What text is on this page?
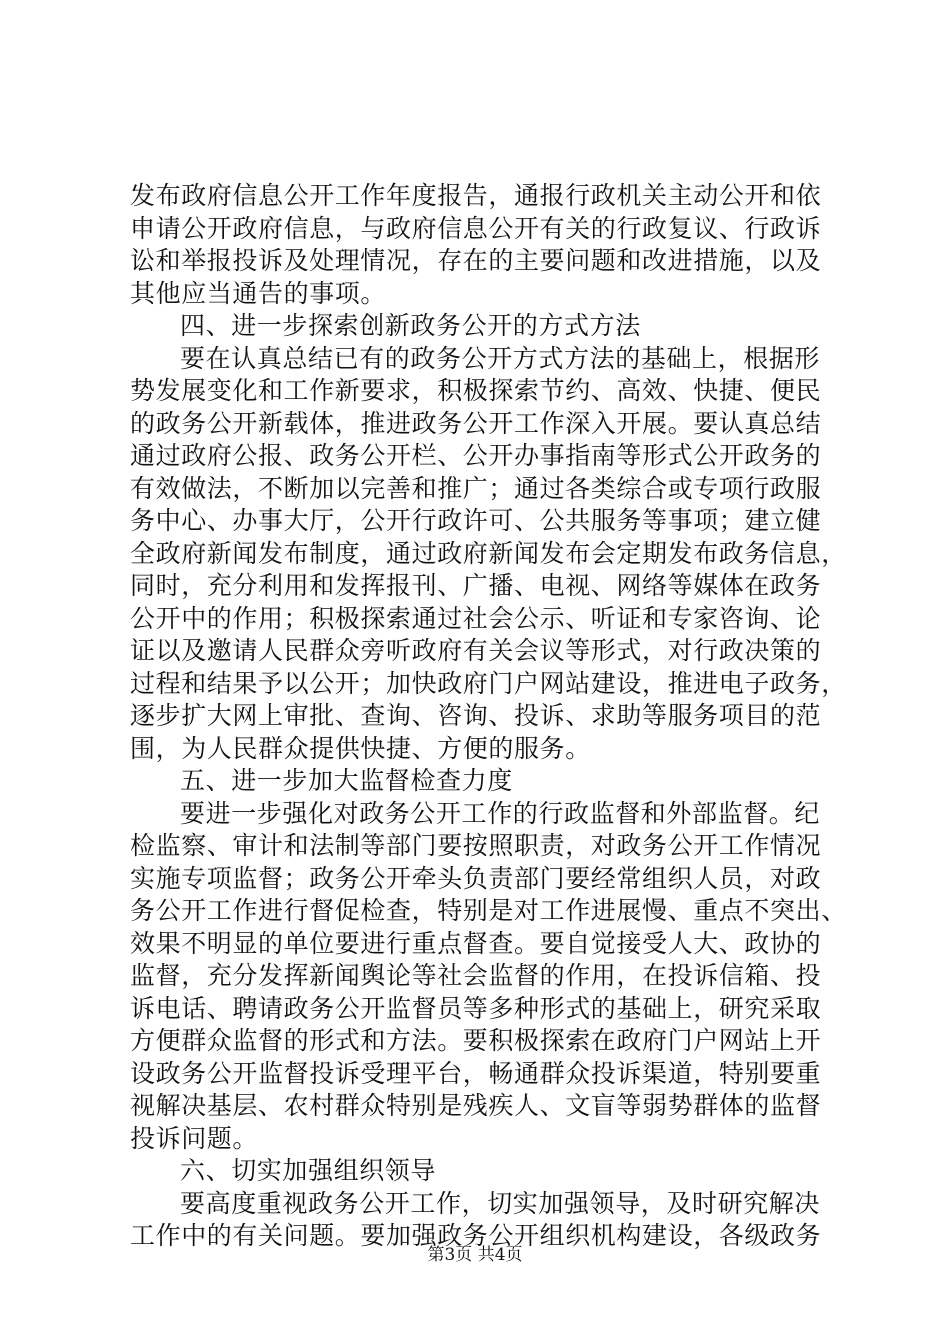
发布政府信息公开工作年度报告，通报行政机关主动公开和依

申请公开政府信息，与政府信息公开有关的行政复议、行政诉

讼和举报投诉及处理情况，存在的主要问题和改进措施，以及

其他应当通告的事项。

四、进一步探索创新政务公开的方式方法

要在认真总结已有的政务公开方式方法的基础上，根据形

势发展变化和工作新要求，积极探索节约、高效、快捷、便民

的政务公开新载体，推进政务公开工作深入开展。要认真总结

通过政府公报、政务公开栏、公开办事指南等形式公开政务的

有效做法，不断加以完善和推广；通过各类综合或专项行政服

务中心、办事大厅，公开行政许可、公共服务等事项；建立健

全政府新闻发布制度，通过政府新闻发布会定期发布政务信息，

同时，充分利用和发挥报刊、广播、电视、网络等媒体在政务

公开中的作用；积极探索通过社会公示、听证和专家咨询、论

证以及邀请人民群众旁听政府有关会议等形式，对行政决策的

过程和结果予以公开；加快政府门户网站建设，推进电子政务，

逐步扩大网上审批、查询、咨询、投诉、求助等服务项目的范

围，为人民群众提供快捷、方便的服务。

五、进一步加大监督检查力度

要进一步强化对政务公开工作的行政监督和外部监督。纪

检监察、审计和法制等部门要按照职责，对政务公开工作情况

实施专项监督；政务公开牵头负责部门要经常组织人员，对政

务公开工作进行督促检查，特别是对工作进展慢、重点不突出、

效果不明显的单位要进行重点督查。要自觉接受人大、政协的

监督，充分发挥新闻舆论等社会监督的作用，在投诉信箱、投

诉电话、聘请政务公开监督员等多种形式的基础上，研究采取

方便群众监督的形式和方法。要积极探索在政府门户网站上开

设政务公开监督投诉受理平台，畅通群众投诉渠道，特别要重

视解决基层、农村群众特别是残疾人、文盲等弱势群体的监督

投诉问题。

六、切实加强组织领导

要高度重视政务公开工作，切实加强领导，及时研究解决

工作中的有关问题。要加强政务公开组织机构建设，各级政务

第3页 共4页
